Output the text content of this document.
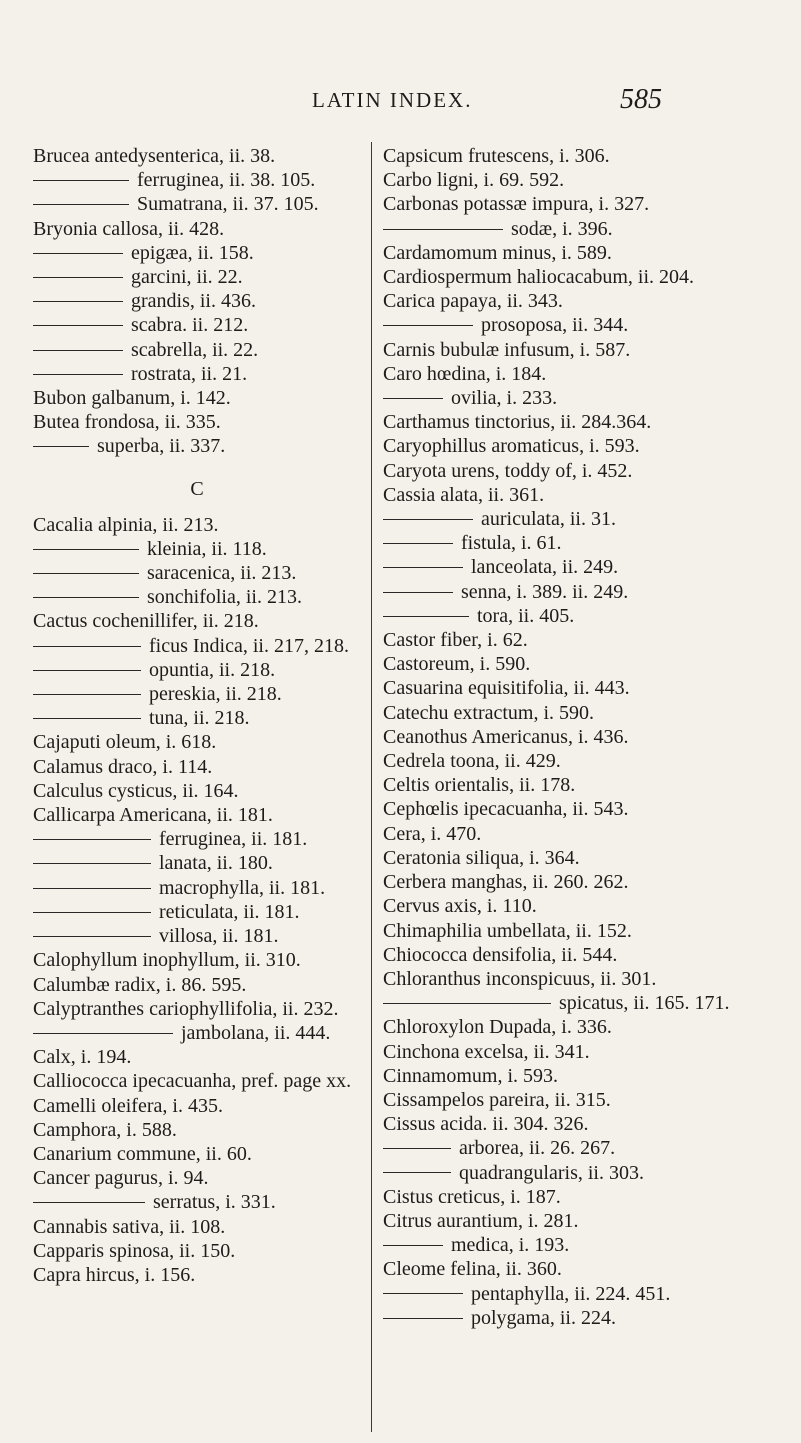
LATIN INDEX.	585
Brucea antedysenterica, ii. 38.
ferruginea, ii. 38. 105.
Sumatrana, ii. 37. 105.
Bryonia callosa, ii. 428.
epigæa, ii. 158.
garcini, ii. 22.
grandis, ii. 436.
scabra. ii. 212.
scabrella, ii. 22.
rostrata, ii. 21.
Bubon galbanum, i. 142.
Butea frondosa, ii. 335.
superba, ii. 337.
C
Cacalia alpinia, ii. 213.
kleinia, ii. 118.
saracenica, ii. 213.
sonchifolia, ii. 213.
Cactus cochenillifer, ii. 218.
ficus Indica, ii. 217, 218.
opuntia, ii. 218.
pereskia, ii. 218.
tuna, ii. 218.
Cajaputi oleum, i. 618.
Calamus draco, i. 114.
Calculus cysticus, ii. 164.
Callicarpa Americana, ii. 181.
ferruginea, ii. 181.
lanata, ii. 180.
macrophylla, ii. 181.
reticulata, ii. 181.
villosa, ii. 181.
Calophyllum inophyllum, ii. 310.
Calumbæ radix, i. 86. 595.
Calyptranthes cariophyllifolia, ii. 232.
jambolana, ii. 444.
Calx, i. 194.
Calliococca ipecacuanha, pref. page xx.
Camelli oleifera, i. 435.
Camphora, i. 588.
Canarium commune, ii. 60.
Cancer pagurus, i. 94.
serratus, i. 331.
Cannabis sativa, ii. 108.
Capparis spinosa, ii. 150.
Capra hircus, i. 156.
Capsicum frutescens, i. 306.
Carbo ligni, i. 69. 592.
Carbonas potassæ impura, i. 327.
sodæ, i. 396.
Cardamomum minus, i. 589.
Cardiospermum haliocacabum, ii. 204.
Carica papaya, ii. 343.
prosoposa, ii. 344.
Carnis bubulæ infusum, i. 587.
Caro hœdina, i. 184.
ovilia, i. 233.
Carthamus tinctorius, ii. 284.364.
Caryophillus aromaticus, i. 593.
Caryota urens, toddy of, i. 452.
Cassia alata, ii. 361.
auriculata, ii. 31.
fistula, i. 61.
lanceolata, ii. 249.
senna, i. 389. ii. 249.
tora, ii. 405.
Castor fiber, i. 62.
Castoreum, i. 590.
Casuarina equisitifolia, ii. 443.
Catechu extractum, i. 590.
Ceanothus Americanus, i. 436.
Cedrela toona, ii. 429.
Celtis orientalis, ii. 178.
Cephœlis ipecacuanha, ii. 543.
Cera, i. 470.
Ceratonia siliqua, i. 364.
Cerbera manghas, ii. 260. 262.
Cervus axis, i. 110.
Chimaphilia umbellata, ii. 152.
Chiococca densifolia, ii. 544.
Chloranthus inconspicuus, ii. 301.
spicatus, ii. 165. 171.
Chloroxylon Dupada, i. 336.
Cinchona excelsa, ii. 341.
Cinnamomum, i. 593.
Cissampelos pareira, ii. 315.
Cissus acida. ii. 304. 326.
arborea, ii. 26. 267.
quadrangularis, ii. 303.
Cistus creticus, i. 187.
Citrus aurantium, i. 281.
medica, i. 193.
Cleome felina, ii. 360.
pentaphylla, ii. 224. 451.
polygama, ii. 224.
